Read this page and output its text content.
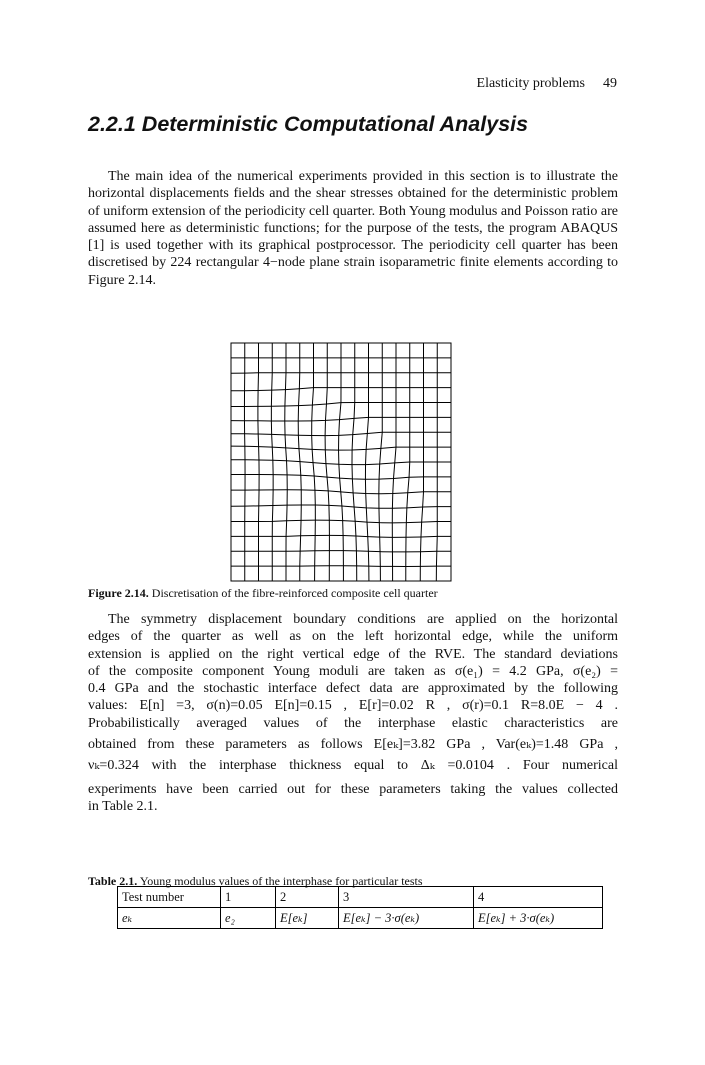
Elasticity problems 49
2.2.1 Deterministic Computational Analysis

The main idea of the numerical experiments provided in this section is to illustrate the horizontal displacements fields and the shear stresses obtained for the deterministic problem of uniform extension of the periodicity cell quarter. Both Young modulus and Poisson ratio are assumed here as deterministic functions; for the purpose of the tests, the program ABAQUS [1] is used together with its graphical postprocessor. The periodicity cell quarter has been discretised by 224 rectangular 4−node plane strain isoparametric finite elements according to Figure 2.14.

Figure 2.14. Discretisation of the fibre-reinforced composite cell quarter
The symmetry displacement boundary conditions are applied on the horizontal
edges of the quarter as well as on the left horizontal edge, while the uniform
extension is applied on the right vertical edge of the RVE. The standard deviations
of the composite component Young moduli are taken as σ(e₁) = 4.2 GPa, σ(e₂) =
0.4 GPa and the stochastic interface defect data are approximated by the following
values: E[n] =3, σ(n)=0.05 E[n]=0.15 , E[r]=0.02 R , σ(r)=0.1 R=8.0E − 4 .
Probabilistically averaged values of the interphase elastic characteristics are
obtained from these parameters as follows E[eₖ]=3.82 GPa , Var(eₖ)=1.48 GPa ,
νₖ=0.324 with the interphase thickness equal to Δₖ =0.0104 . Four numerical
experiments have been carried out for these parameters taking the values collected
in Table 2.1.
Table 2.1. Young modulus values of the interphase for particular tests
Test number	1	2	3	4
eₖ	e₂	E[eₖ]	E[eₖ] − 3·σ(eₖ)	E[eₖ] + 3·σ(eₖ)
